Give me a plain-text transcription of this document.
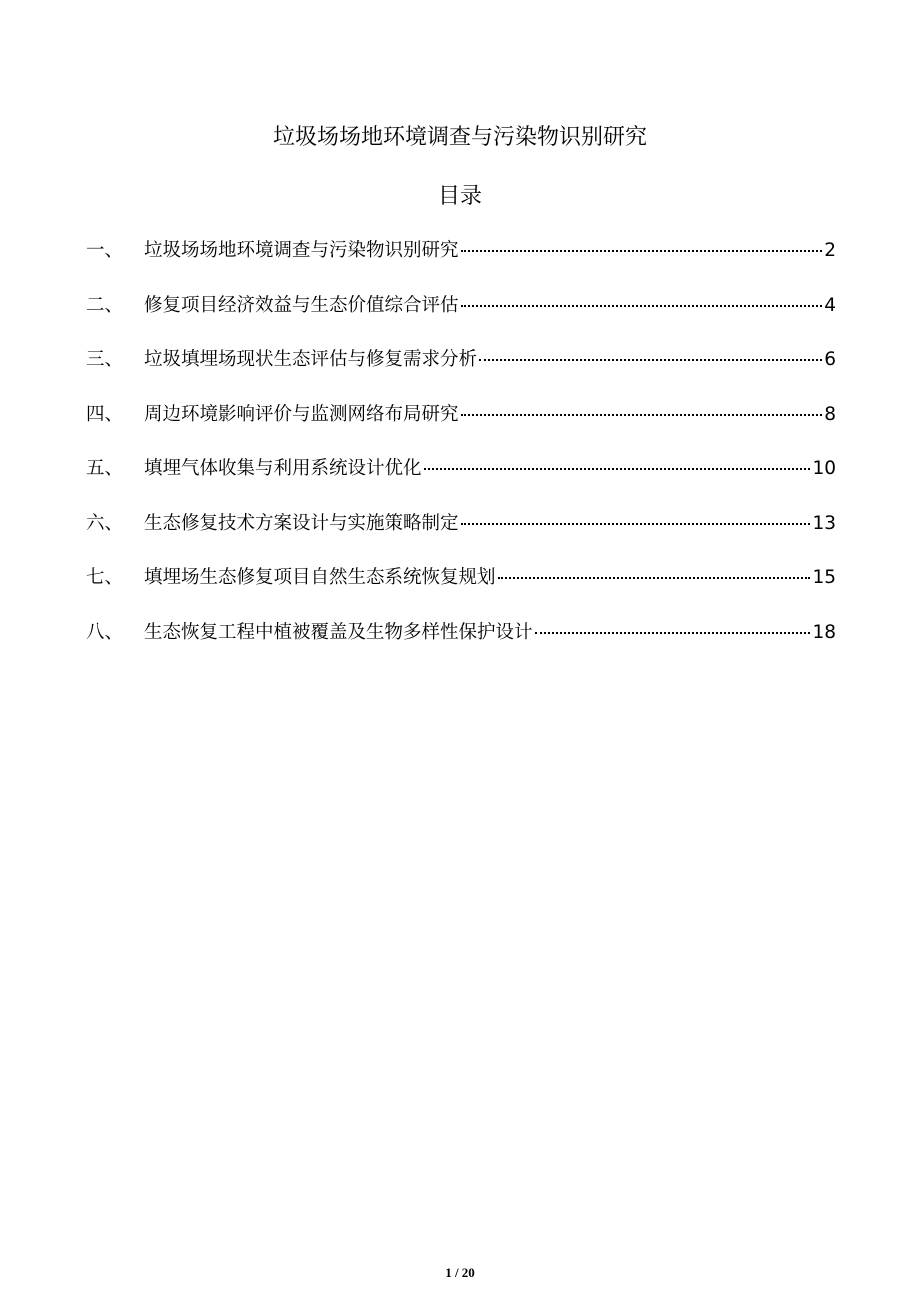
垃圾场场地环境调查与污染物识别研究
目录
一、	垃圾场场地环境调查与污染物识别研究	2
二、	修复项目经济效益与生态价值综合评估	4
三、	垃圾填埋场现状生态评估与修复需求分析	6
四、	周边环境影响评价与监测网络布局研究	8
五、	填埋气体收集与利用系统设计优化	10
六、	生态修复技术方案设计与实施策略制定	13
七、	填埋场生态修复项目自然生态系统恢复规划	15
八、	生态恢复工程中植被覆盖及生物多样性保护设计	18
1 / 20
